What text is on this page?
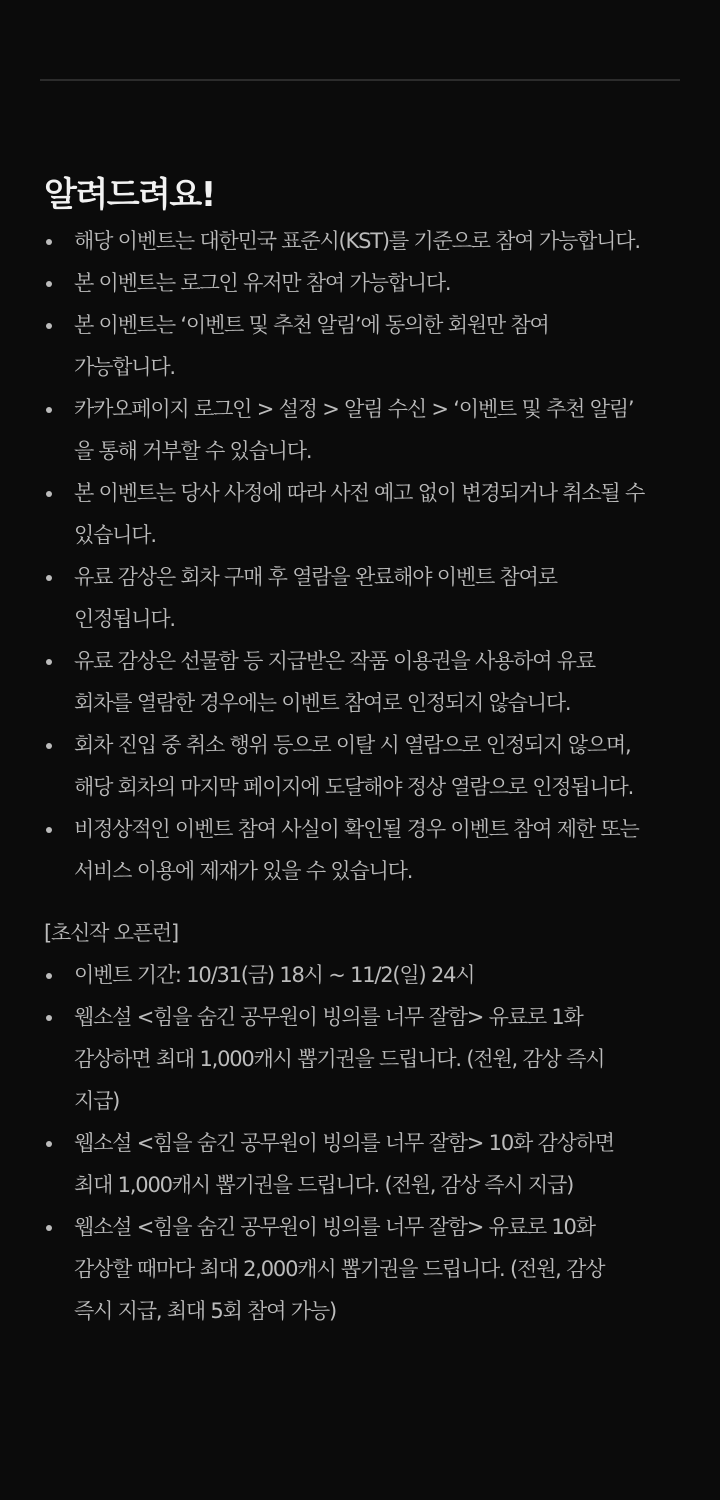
알려드려요!
해당 이벤트는 대한민국 표준시(KST)를 기준으로 참여 가능합니다.
본 이벤트는 로그인 유저만 참여 가능합니다.
본 이벤트는 ‘이벤트 및 추천 알림’에 동의한 회원만 참여
가능합니다.
카카오페이지 로그인 > 설정 > 알림 수신 > ‘이벤트 및 추천 알림’
을 통해 거부할 수 있습니다.
본 이벤트는 당사 사정에 따라 사전 예고 없이 변경되거나 취소될 수
있습니다.
유료 감상은 회차 구매 후 열람을 완료해야 이벤트 참여로
인정됩니다.
유료 감상은 선물함 등 지급받은 작품 이용권을 사용하여 유료
회차를 열람한 경우에는 이벤트 참여로 인정되지 않습니다.
회차 진입 중 취소 행위 등으로 이탈 시 열람으로 인정되지 않으며,
해당 회차의 마지막 페이지에 도달해야 정상 열람으로 인정됩니다.
비정상적인 이벤트 참여 사실이 확인될 경우 이벤트 참여 제한 또는
서비스 이용에 제재가 있을 수 있습니다.
[초신작 오픈런]
이벤트 기간: 10/31(금) 18시 ~ 11/2(일) 24시
웹소설 <힘을 숨긴 공무원이 빙의를 너무 잘함> 유료로 1화
감상하면 최대 1,000캐시 뽑기권을 드립니다. (전원, 감상 즉시
지급)
웹소설 <힘을 숨긴 공무원이 빙의를 너무 잘함> 10화 감상하면
최대 1,000캐시 뽑기권을 드립니다. (전원, 감상 즉시 지급)
웹소설 <힘을 숨긴 공무원이 빙의를 너무 잘함> 유료로 10화
감상할 때마다 최대 2,000캐시 뽑기권을 드립니다. (전원, 감상
즉시 지급, 최대 5회 참여 가능)
